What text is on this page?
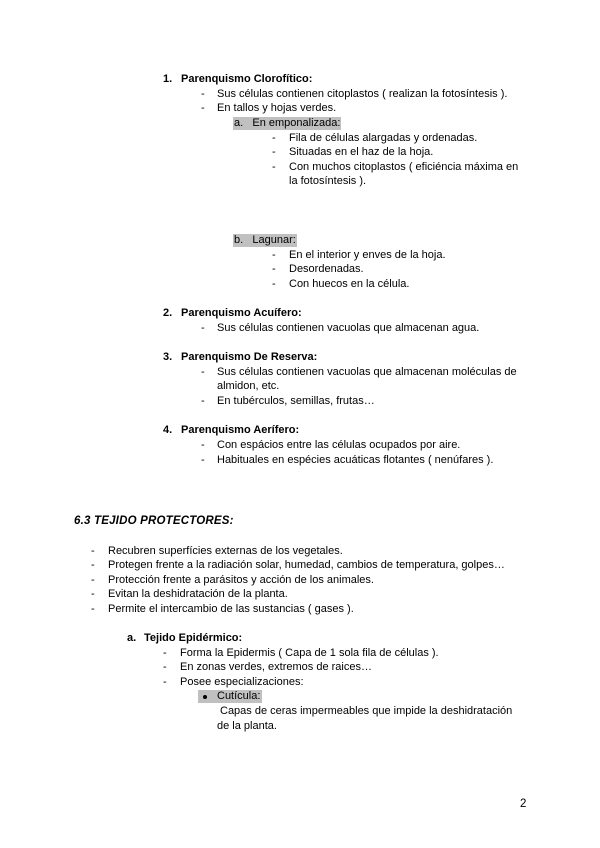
1. Parenquismo Clorofítico:
- Sus células contienen citoplastos ( realizan la fotosíntesis ).
- En tallos y hojas verdes.
a. En emponalizada:
- Fila de células alargadas y ordenadas.
- Situadas en el haz de la hoja.
- Con muchos citoplastos ( eficiéncia máxima en
la fotosíntesis ).
b. Lagunar:
- En el interior y enves de la hoja.
- Desordenadas.
- Con huecos en la célula.
2. Parenquismo Acuífero:
- Sus células contienen vacuolas que almacenan agua.
3. Parenquismo De Reserva:
- Sus células contienen vacuolas que almacenan moléculas de
almidon, etc.
- En tubérculos, semillas, frutas…
4. Parenquismo Aerífero:
- Con espácios entre las células ocupados por aire.
- Habituales en espécies acuáticas flotantes ( nenúfares ).
6.3 TEJIDO PROTECTORES:
- Recubren superfícies externas de los vegetales.
- Protegen frente a la radiación solar, humedad, cambios de temperatura, golpes…
- Protección frente a parásitos y acción de los animales.
- Evitan la deshidratación de la planta.
- Permite el intercambio de las sustancias ( gases ).
a. Tejido Epidérmico:
- Forma la Epidermis ( Capa de 1 sola fila de células ).
- En zonas verdes, extremos de raices…
- Posee especializaciones:

Cutícula:
Capas de ceras impermeables que impide la deshidratación
de la planta.
2
